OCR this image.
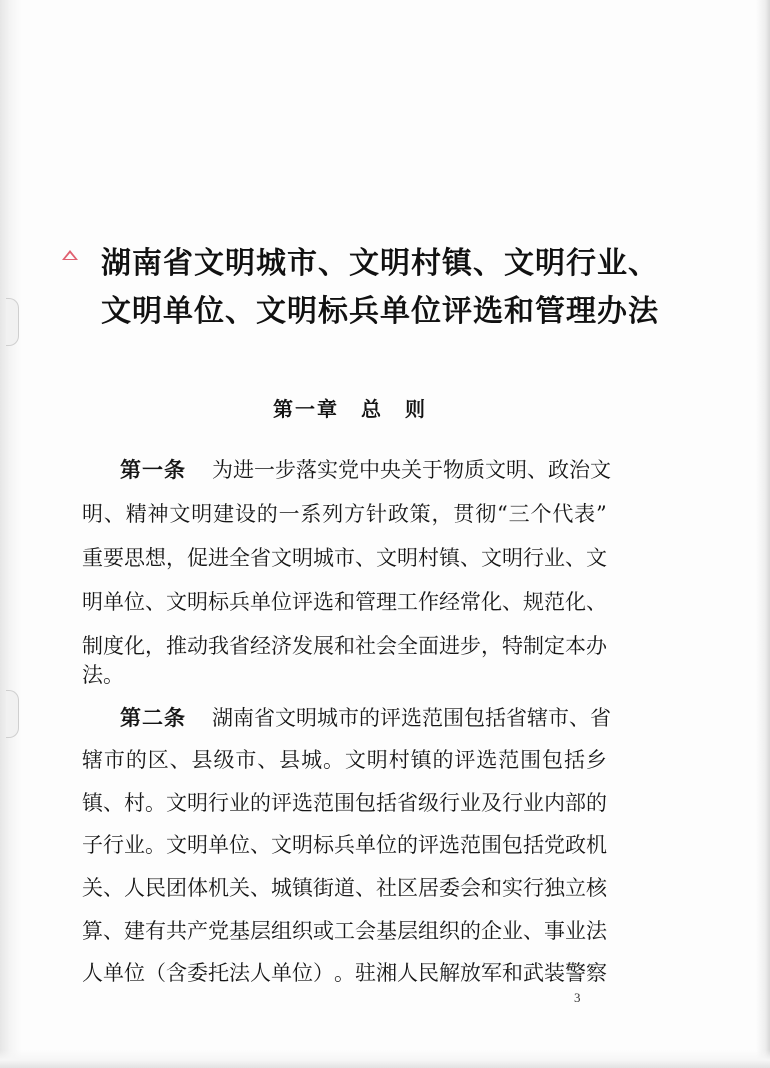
湖南省文明城市、文明村镇、文明行业、
文明单位、文明标兵单位评选和管理办法
第一章 总　则
第一条 为进一步落实党中央关于物质文明、政治文
明 、 精 神 文 明 建 设 的 一 系 列 方 针 政 策 ， 贯 彻 “ 三 个 代 表 ”
重 要 思 想 ， 促 进 全 省 文 明 城 市 、 文 明 村 镇 、 文 明 行 业 、 文
明 单 位 、 文 明 标 兵 单 位 评 选 和 管 理 工 作 经 常 化 、 规 范 化 、
制 度 化 ， 推 动 我 省 经 济 发 展 和 社 会 全 面 进 步 ， 特 制 定 本 办
法。
第二条 湖南省文明城市的评选范围包括省辖市、省
辖 市 的 区 、 县 级 市 、 县 城 。 文 明 村 镇 的 评 选 范 围 包 括 乡
镇 、 村 。 文 明 行 业 的 评 选 范 围 包 括 省 级 行 业 及 行 业 内 部 的
子 行 业 。 文 明 单 位 、 文 明 标 兵 单 位 的 评 选 范 围 包 括 党 政 机
关 、 人 民 团 体 机 关 、 城 镇 街 道 、 社 区 居 委 会 和 实 行 独 立 核
算 、 建 有 共 产 党 基 层 组 织 或 工 会 基 层 组 织 的 企 业 、 事 业 法
人 单 位 （ 含 委 托 法 人 单 位 ） 。 驻 湘 人 民 解 放 军 和 武 装 警 察
3
